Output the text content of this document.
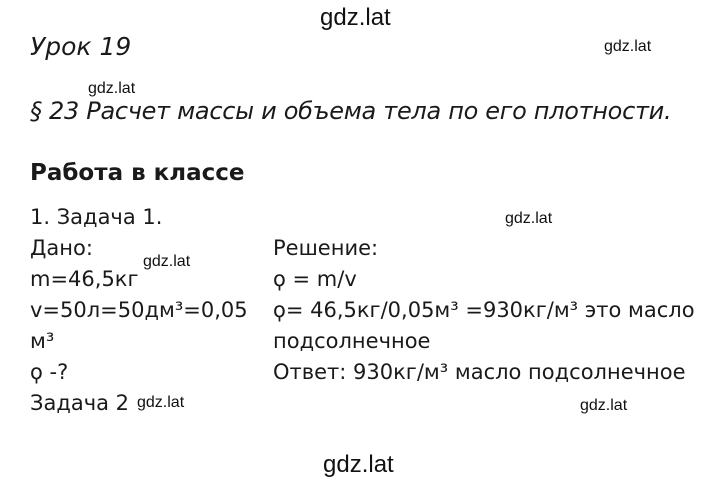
gdz.lat
Урок 19	gdz.lat
gdz.lat
§ 23 Расчет массы и объема тела по его плотности.
Работа в классе
1. Задача 1.	gdz.lat
Дано:
m=46,5кг
v=50л=50дм³=0,05
м³
ϙ -?
Задача 2
gdz.lat
Решение:
ϙ = m/v
ϙ= 46,5кг/0,05м³ =930кг/м³ это масло
подсолнечное
Ответ: 930кг/м³ масло подсолнечное
gdz.lat	gdz.lat
gdz.lat
